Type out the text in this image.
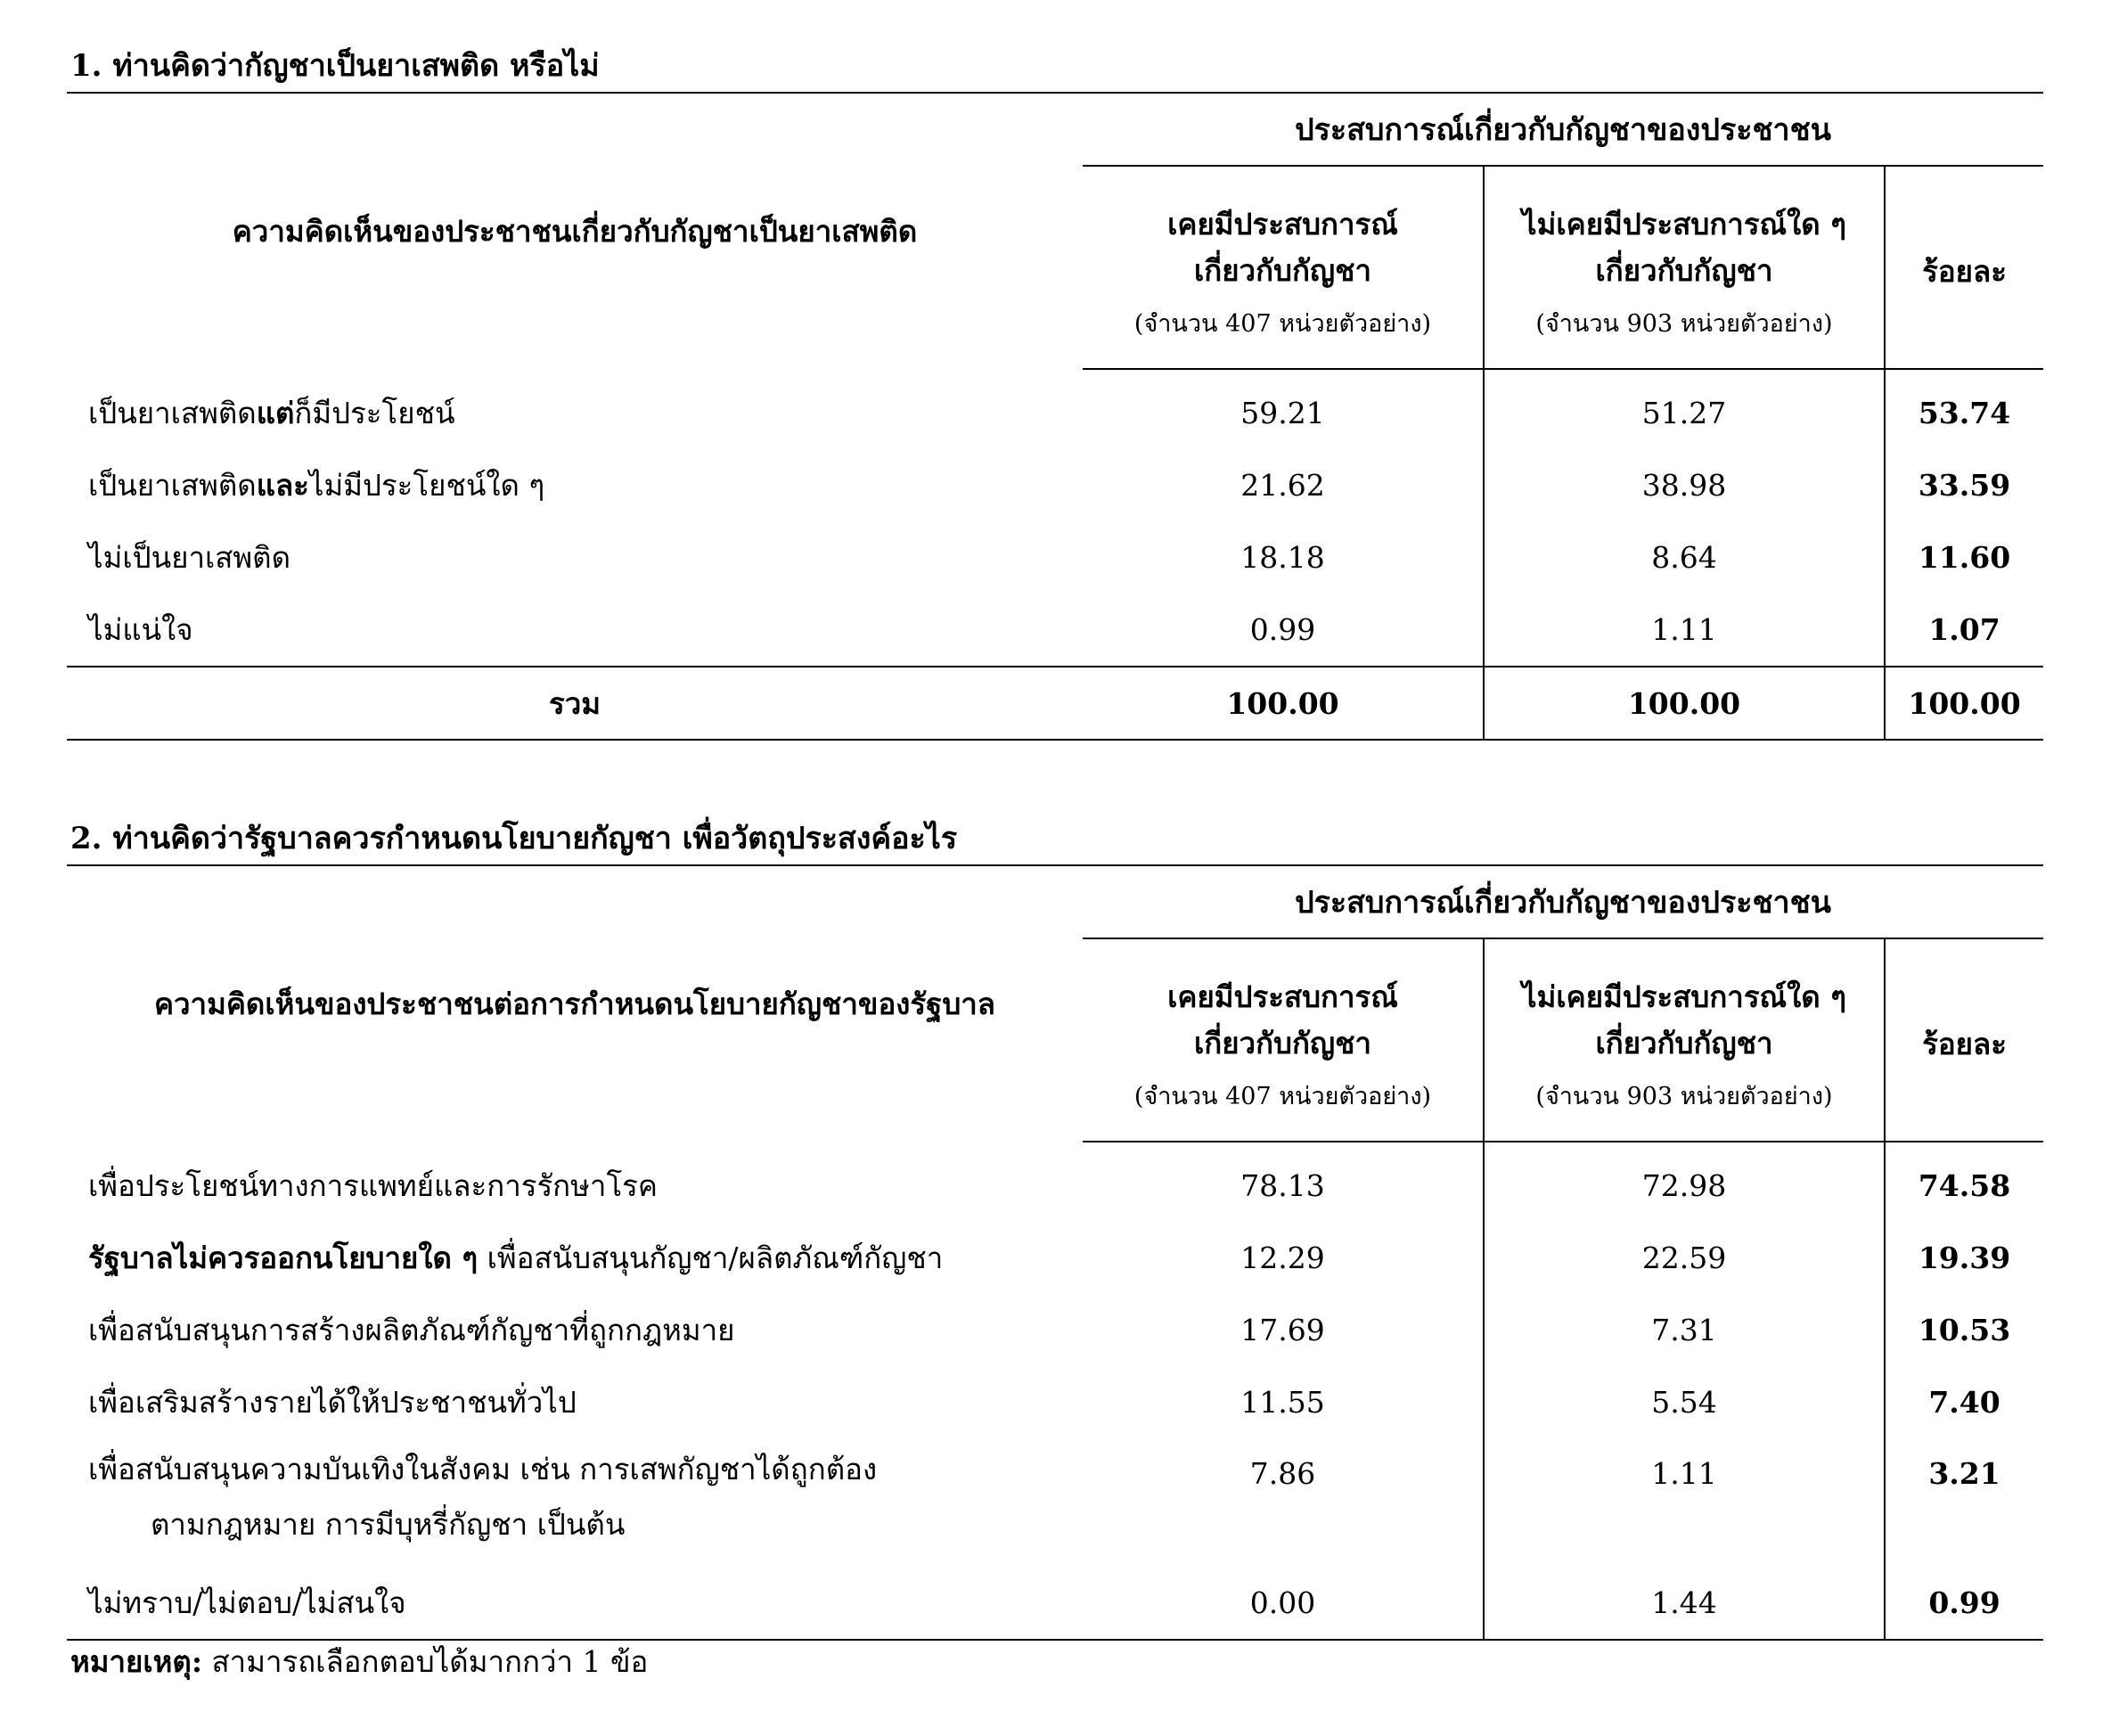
1. ท่านคิดว่ากัญชาเป็นยาเสพติด หรือไม่
ความคิดเห็นของประชาชนเกี่ยวกับกัญชาเป็นยาเสพติด	ประสบการณ์เกี่ยวกับกัญชาของประชาชน		
	เคยมีประสบการณ์
เกี่ยวกับกัญชา
(จำนวน 407 หน่วยตัวอย่าง)	ไม่เคยมีประสบการณ์ใด ๆ
เกี่ยวกับกัญชา
(จำนวน 903 หน่วยตัวอย่าง)	ร้อยละ
เป็นยาเสพติดแต่ก็มีประโยชน์	59.21	51.27	53.74
เป็นยาเสพติดและไม่มีประโยชน์ใด ๆ	21.62	38.98	33.59
ไม่เป็นยาเสพติด	18.18	8.64	11.60
ไม่แน่ใจ	0.99	1.11	1.07
รวม	100.00	100.00	100.00
2. ท่านคิดว่ารัฐบาลควรกำหนดนโยบายกัญชา เพื่อวัตถุประสงค์อะไร
ความคิดเห็นของประชาชนต่อการกำหนดนโยบายกัญชาของรัฐบาล	ประสบการณ์เกี่ยวกับกัญชาของประชาชน		
	เคยมีประสบการณ์
เกี่ยวกับกัญชา
(จำนวน 407 หน่วยตัวอย่าง)	ไม่เคยมีประสบการณ์ใด ๆ
เกี่ยวกับกัญชา
(จำนวน 903 หน่วยตัวอย่าง)	ร้อยละ
เพื่อประโยชน์ทางการแพทย์และการรักษาโรค	78.13	72.98	74.58
รัฐบาลไม่ควรออกนโยบายใด ๆ เพื่อสนับสนุนกัญชา/ผลิตภัณฑ์กัญชา	12.29	22.59	19.39
เพื่อสนับสนุนการสร้างผลิตภัณฑ์กัญชาที่ถูกกฎหมาย	17.69	7.31	10.53
เพื่อเสริมสร้างรายได้ให้ประชาชนทั่วไป	11.55	5.54	7.40
เพื่อสนับสนุนความบันเทิงในสังคม เช่น การเสพกัญชาได้ถูกต้อง
ตามกฎหมาย การมีบุหรี่กัญชา เป็นต้น	7.86	1.11	3.21
ไม่ทราบ/ไม่ตอบ/ไม่สนใจ	0.00	1.44	0.99
หมายเหตุ: สามารถเลือกตอบได้มากกว่า 1 ข้อ
